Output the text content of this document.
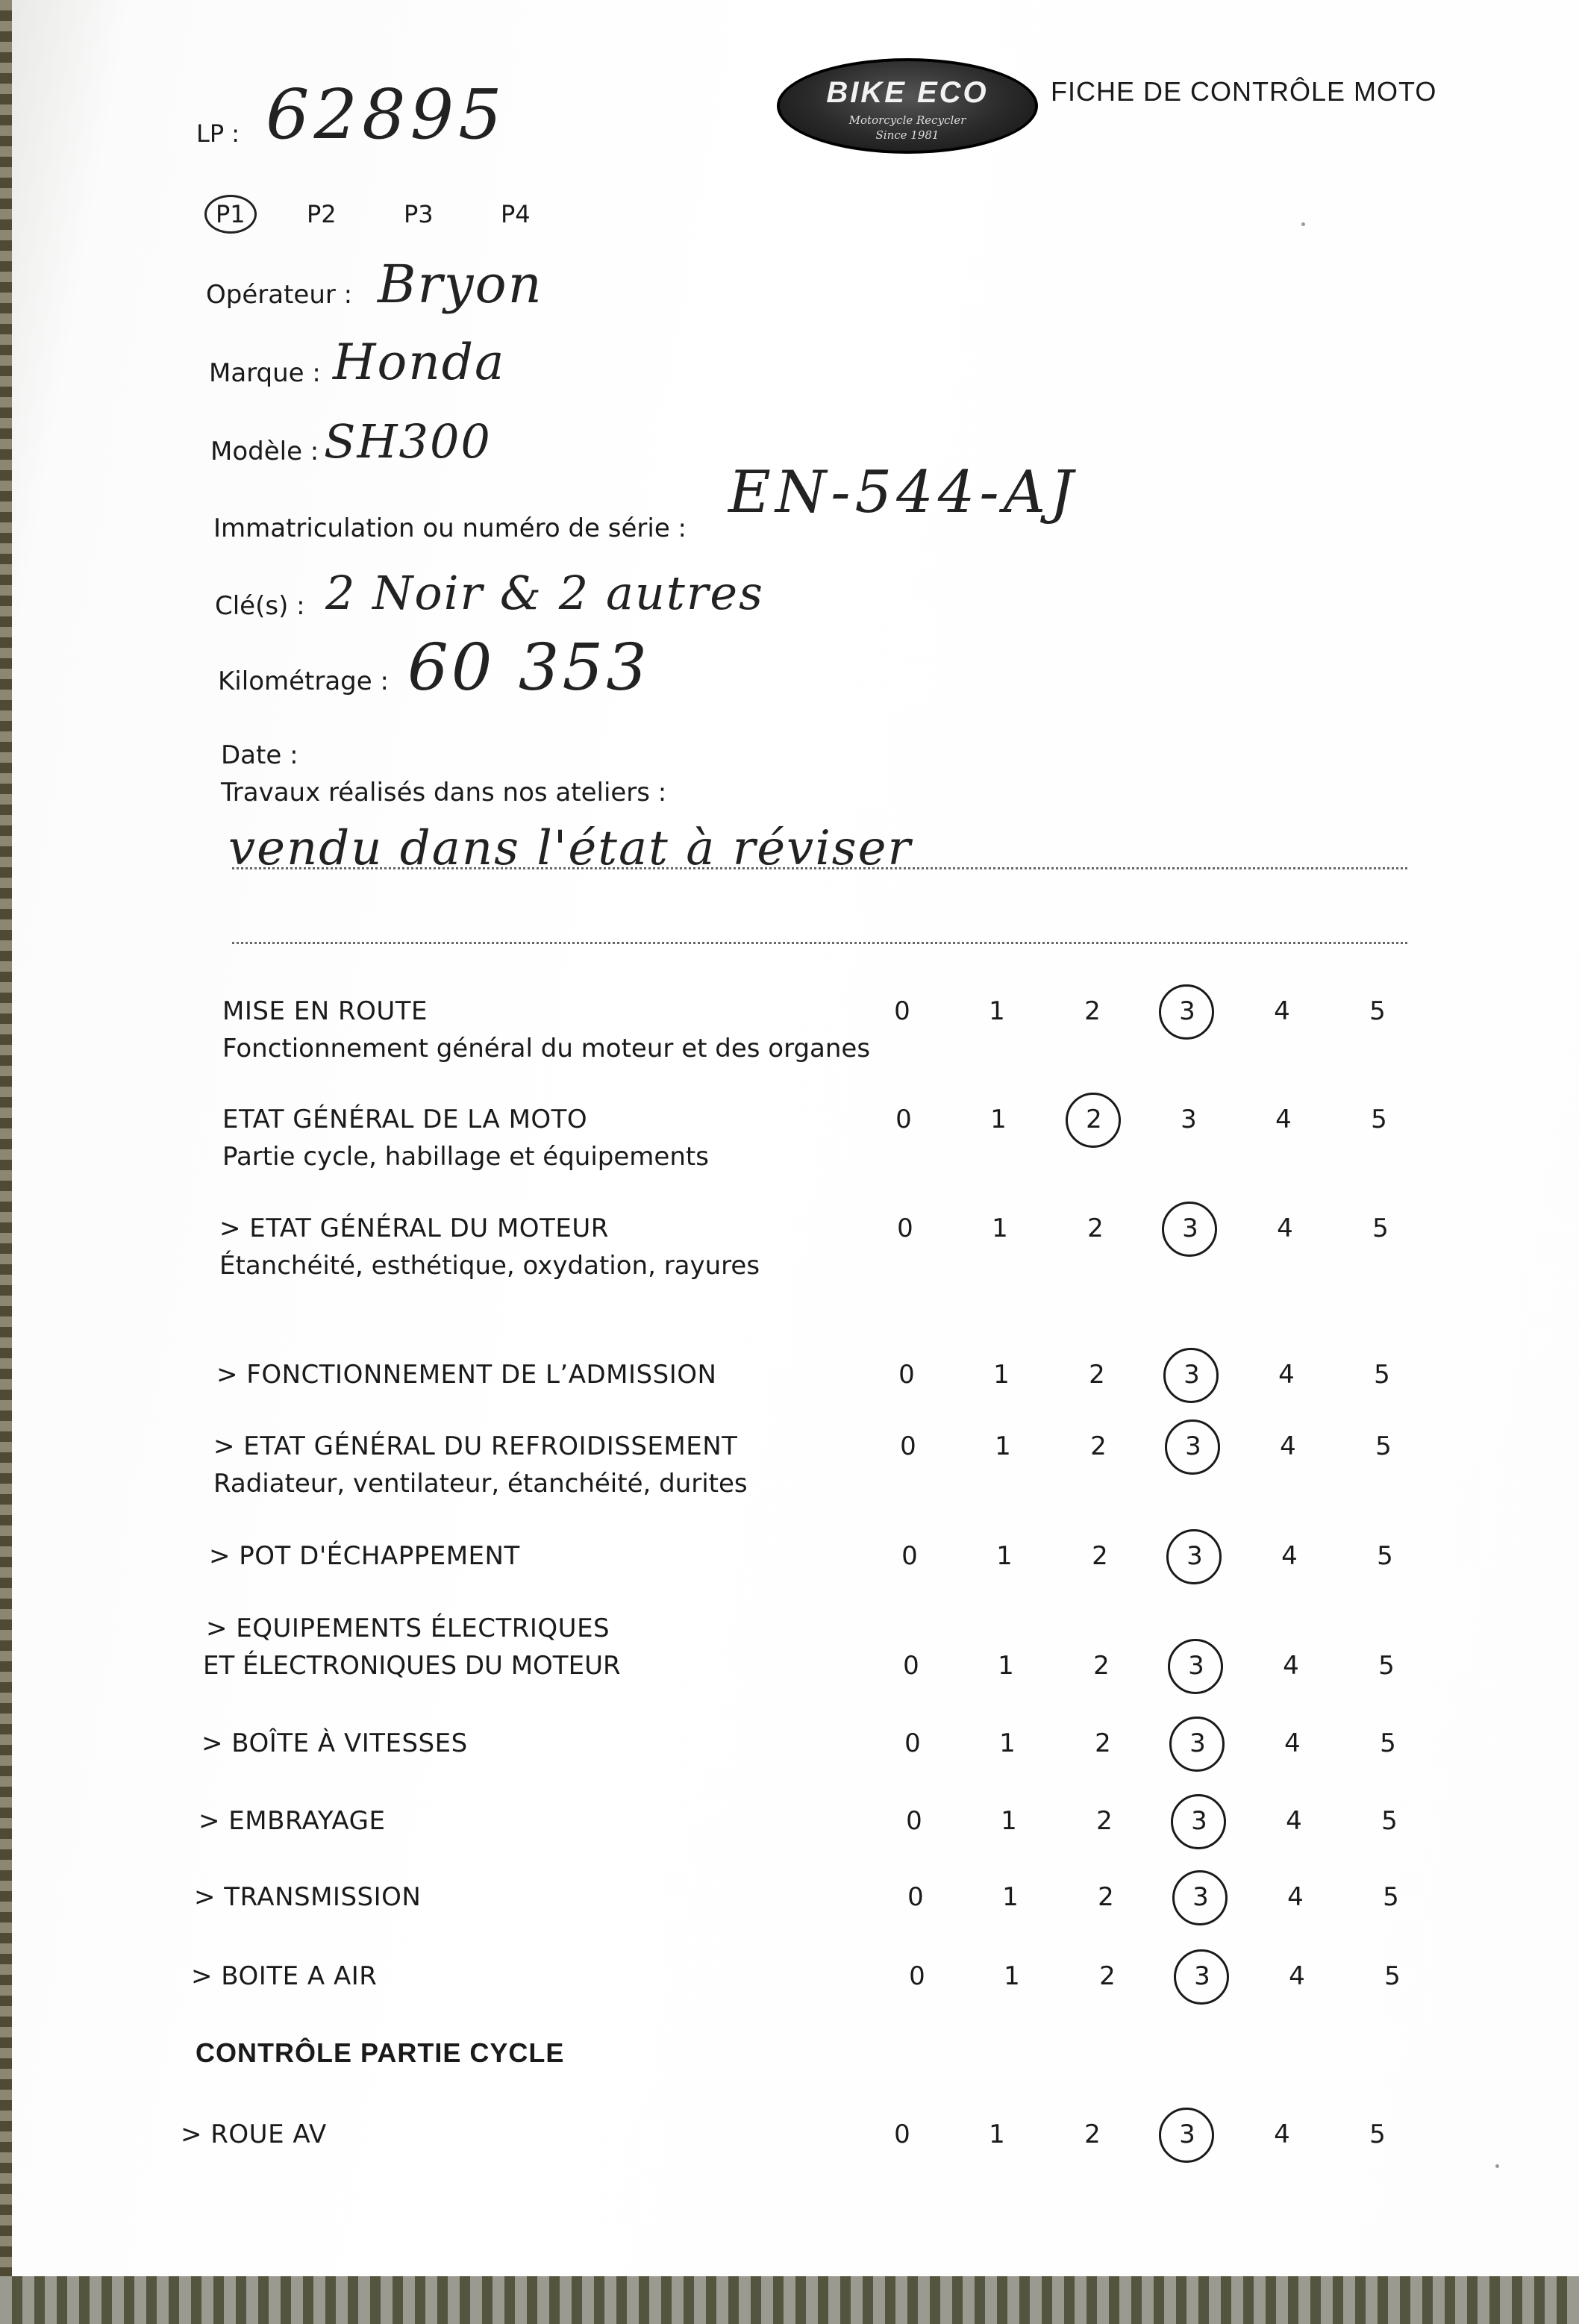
LP : 62895	BIKE ECO
Motorcycle Recycler
Since 1981
FICHE DE CONTRÔLE MOTO
P1	P2	P3	P4
Opérateur : Bryon
Marque : Honda
Modèle : SH300
Immatriculation ou numéro de série :
EN-544-AJ
Clé(s) : 2 Noir & 2 autres
Kilométrage : 60 353
Date :
Travaux réalisés dans nos ateliers :
vendu dans l'état à réviser
MISE EN ROUTE
Fonctionnement général du moteur et des organes
0	1	2	3	4	5
ETAT GÉNÉRAL DE LA MOTO
Partie cycle, habillage et équipements
0	1	2	3	4	5
> ETAT GÉNÉRAL DU MOTEUR
Étanchéité, esthétique, oxydation, rayures
0	1	2	3	4	5
> FONCTIONNEMENT DE L’ADMISSION	0	1	2	3	4	5
> ETAT GÉNÉRAL DU REFROIDISSEMENT
Radiateur, ventilateur, étanchéité, durites
0	1	2	3	4	5
> POT D'ÉCHAPPEMENT	0	1	2	3	4	5
> EQUIPEMENTS ÉLECTRIQUES
ET ÉLECTRONIQUES DU MOTEUR	0	1	2	3	4	5
> BOÎTE À VITESSES	0	1	2	3	4	5
> EMBRAYAGE	0	1	2	3	4	5
> TRANSMISSION	0	1	2	3	4	5
> BOITE A AIR	0	1	2	3	4	5
CONTRÔLE PARTIE CYCLE
> ROUE AV	0	1	2	3	4	5
